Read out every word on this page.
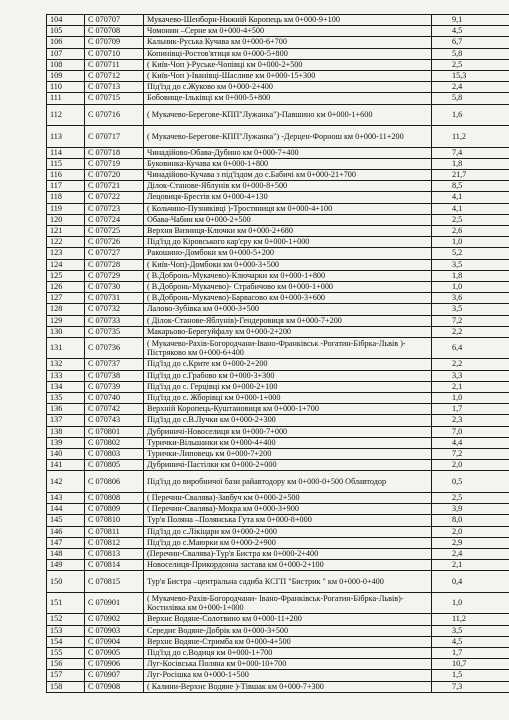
104	С 070707	Мукачево-Шенборн-Нижній Коропець км 0+000-9+100	9,1
105	С 070708	Чомонин –Серне км 0+000-4+500	4,5
106	С 070709	Кальник-Руська Кучава км 0+000-6+700	6,7
107	С 070710	Копинівці-Ростов'ятиця км 0+000-5+800	5,8
108	С 070711	( Київ-Чоп )-Руське-Чопівці км 0+000-2+500	2,5
109	С 070712	( Київ-Чоп )-Іванівці-Шасливе км 0+000-15+300	15,3
110	С 070713	Під'їзд до с.Жуково км 0+000-2+400	2,4
111	С 070715	Бобовище-Ільківці км 0+000-5+800	5,8
112	С 070716	( Мукачево-Берегове-КПП"Лужанка")-Павшино км 0+000-1+600	1,6
113	С 070717	( Мукачево-Берегове-КПП"Лужанка") -Дерцен-Форнош км 0+000-11+200	11,2
114	С 070718	Чинадійово-Обава-Дубино км 0+000-7+400	7,4
115	С 070719	Буковинка-Кучава км 0+000-1+800	1,8
116	С 070720	Чинадійово-Кучава з під'їздом до с.Бабичі км 0+000-21+700	21,7
117	С 070721	Ділок-Станове-Яблунів км 0+000-8+500	8,5
118	С 070722	Лецовиця-Брестів км 0+000-4+130	4,1
119	С 070723	( Кольчино-Пузняківці )-Тростяниця км 0+000-4+100	4,1
120	С 070724	Обава-Чабин км 0+000-2+500	2,5
121	С 070725	Верхня Визниця-Ключки км 0+000-2+680	2,6
122	С 070726	Під'їзд до Кіровського кар'єру км 0+000-1+000	1,0
123	С 070727	Ракошино-Домбоки км 0+000-5+200	5,2
124	С 070728	( Київ-Чоп)-Домбоки км 0+000-3+500	3,5
125	С 070729	( В.Добронь-Мукачево)-Ключарки км 0+000-1+800	1,8
126	С 070730	( В.Добронь-Мукачево)- Страбичово км 0+000-1+000	1,0
127	С 070731	( В.Добронь-Мукачево)-Барвасово км 0+000-3+600	3,6
128	С 070732	Лалово-Зубівка км 0+000-3+500	3,5
129	С 070733	( Ділок-Станове-Яблунів)-Гендеровиця км 0+000-7+200	7,2
130	С 070735	Макарьово-Берегуйфалу км 0+000-2+200	2,2
131	С 070736	( Мукачево-Рахів-Богородчани-Івано-Франківськ -Рогатин-Бібрка-Львів )-Пістряково км 0+000-6+400	6,4
132	С 070737	Під'їзд до с.Крите км 0+000-2+200	2,2
133	С 070738	Під'їзд до с.Грабово км 0+000-3+300	3,3
134	С 070739	Під'їзд до с. Герцівці км 0+000-2+100	2,1
135	С 070740	Під'їзд до с. Жборівці км 0+000-1+000	1,0
136	С 070742	Верхній Коропець-Куштановиця км 0+000-1+700	1,7
137	С 070743	Під'їзд до с.В.Лучки км 0+000-2+300	2,3
138	С 070801	Дубриничі-Новоселиця км 0+000-7+000	7,0
139	С 070802	Турички-Вільшанки км 0+000-4+400	4,4
140	С 070803	Турички-Липовець км 0+000-7+200	7,2
141	С 070805	Дубриничі-Пастілки км 0+000-2+000	2,0
142	С 070806	Під'їзд до виробничої бази райавтодору км 0+000-0+500 Облавтодор	0,5
143	С 070808	( Перечин-Свалява)-Завбуч км 0+000-2+500	2,5
144	С 070809	( Перечин-Свалява)-Мокра км 0+000-3+900	3,9
145	С 070810	Тур'я Поляна –Полянська Гута км 0+000-8+000	8,0
146	С 070811	Під'їзд до с.Лікіцари км 0+000-2+000	2,0
147	С 070812	Під'їзд до с.Маюрки км 0+000-2+900	2,9
148	С 070813	(Перечин-Свалява)-Тур'я Бистра км 0+000-2+400	2,4
149	С 070814	Новоселиця-Прикордонна застава км 0+000-2+100	2,1
150	С 070815	Тур'я Бистра –центральна садиба КСГП "Бистрик " км 0+000-0+400	0,4
151	С 070901	( Мукачево-Рахів-Богородчани- Івано-Франківськ-Рогатин-Бібрка-Львів)-Костилівка км 0+000-1+000	1,0
152	С 070902	Верхнє Водяне-Солотвино км 0+000-11+200	11,2
153	С 070903	Середнє Водяне-Добрік км 0+000-3+500	3,5
154	С 070904	Верхнє Водяне-Стримба км 0+000-4+500	4,5
155	С 070905	Під'їзд до с.Водиця км 0+000-1+700	1,7
156	С 070906	Луг-Косівська Поляна км 0+000-10+700	10,7
157	С 070907	Луг-Росішка км 0+000-1+500	1,5
158	С 070908	( Калини-Верхнє Водяне )-Тівшак км 0+000-7+300	7,3
